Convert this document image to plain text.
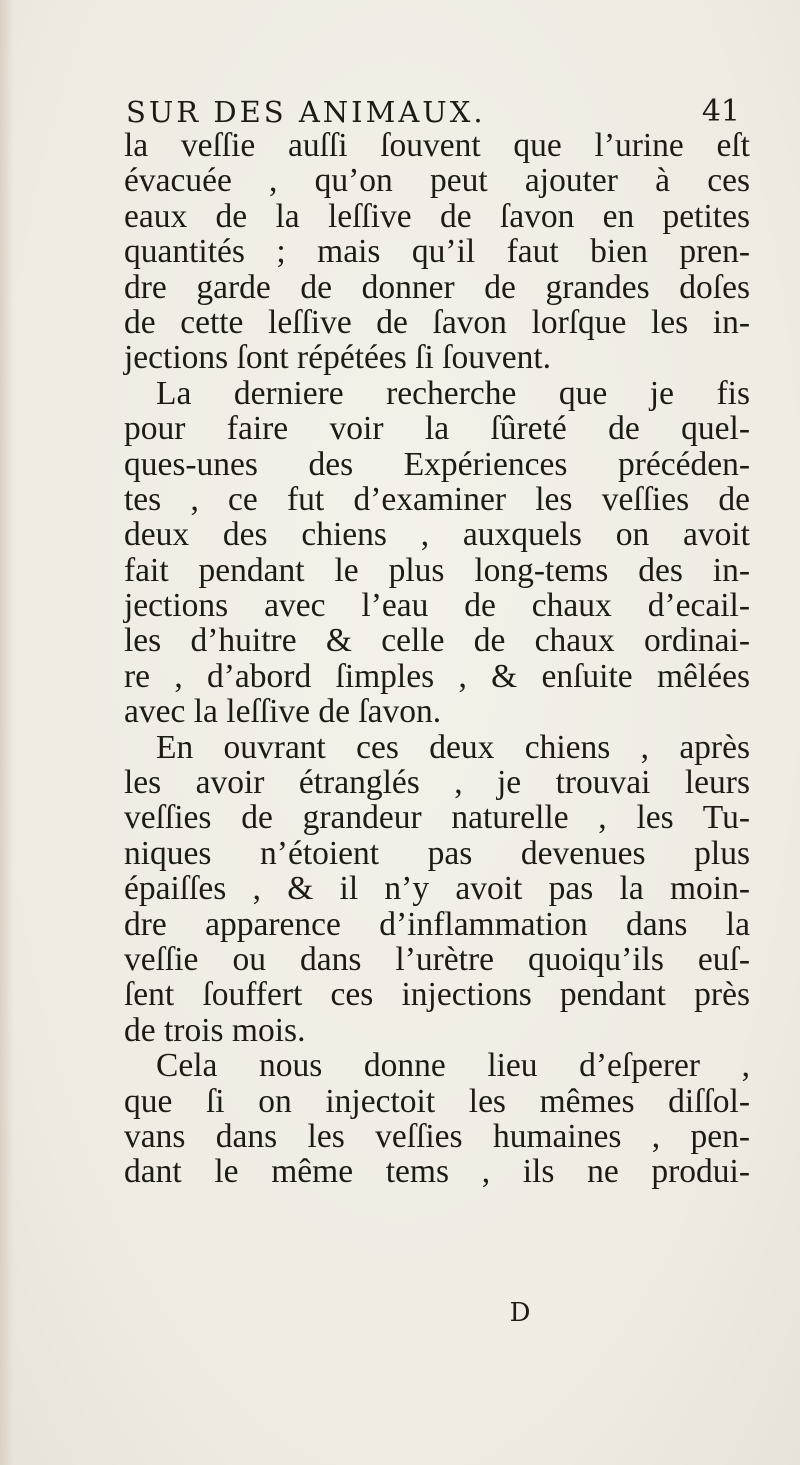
SUR DES ANIMAUX.	41
la veſſie auſſi ſouvent que l’urine eſt
évacuée , qu’on peut ajouter à ces
eaux de la leſſive de ſavon en petites
quantités ; mais qu’il faut bien pren-
dre garde de donner de grandes doſes
de cette leſſive de ſavon lorſque les in-
jections ſont répétées ſi ſouvent.
La derniere recherche que je fis
pour faire voir la ſûreté de quel-
ques-unes des Expériences précéden-
tes , ce fut d’examiner les veſſies de
deux des chiens , auxquels on avoit
fait pendant le plus long-tems des in-
jections avec l’eau de chaux d’ecail-
les d’huitre & celle de chaux ordinai-
re , d’abord ſimples , & enſuite mêlées
avec la leſſive de ſavon.
En ouvrant ces deux chiens , après
les avoir étranglés , je trouvai leurs
veſſies de grandeur naturelle , les Tu-
niques n’étoient pas devenues plus
épaiſſes , & il n’y avoit pas la moin-
dre apparence d’inflammation dans la
veſſie ou dans l’urètre quoiqu’ils euſ-
ſent ſouffert ces injections pendant près
de trois mois.
Cela nous donne lieu d’eſperer ,
que ſi on injectoit les mêmes diſſol-
vans dans les veſſies humaines , pen-
dant le même tems , ils ne produi-
D
